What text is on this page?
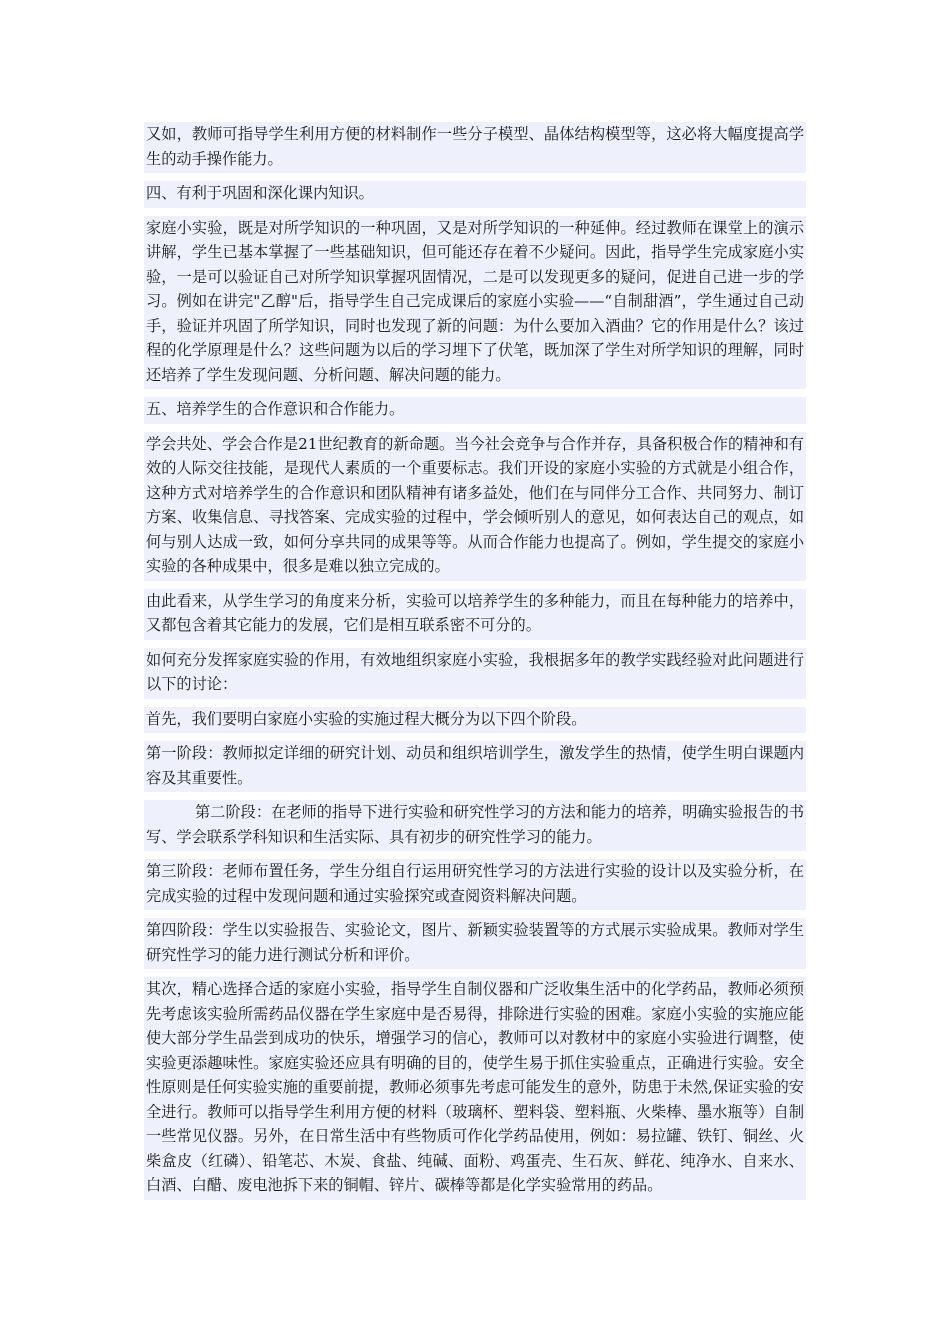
又如，教师可指导学生利用方便的材料制作一些分子模型、晶体结构模型等，这必将大幅度提高学生的动手操作能力。

四、有利于巩固和深化课内知识。

家庭小实验，既是对所学知识的一种巩固，又是对所学知识的一种延伸。经过教师在课堂上的演示讲解，学生已基本掌握了一些基础知识，但可能还存在着不少疑问。因此，指导学生完成家庭小实验，一是可以验证自己对所学知识掌握巩固情况，二是可以发现更多的疑问，促进自己进一步的学习。例如在讲完"乙醇"后，指导学生自己完成课后的家庭小实验——“自制甜酒”，学生通过自己动手，验证并巩固了所学知识，同时也发现了新的问题：为什么要加入酒曲？它的作用是什么？该过程的化学原理是什么？这些问题为以后的学习埋下了伏笔，既加深了学生对所学知识的理解，同时还培养了学生发现问题、分析问题、解决问题的能力。

五、培养学生的合作意识和合作能力。

学会共处、学会合作是21世纪教育的新命题。当今社会竞争与合作并存，具备积极合作的精神和有效的人际交往技能，是现代人素质的一个重要标志。我们开设的家庭小实验的方式就是小组合作，这种方式对培养学生的合作意识和团队精神有诸多益处，他们在与同伴分工合作、共同努力、制订方案、收集信息、寻找答案、完成实验的过程中，学会倾听别人的意见，如何表达自己的观点，如何与别人达成一致，如何分享共同的成果等等。从而合作能力也提高了。例如，学生提交的家庭小实验的各种成果中，很多是难以独立完成的。

由此看来，从学生学习的角度来分析，实验可以培养学生的多种能力，而且在每种能力的培养中，又都包含着其它能力的发展，它们是相互联系密不可分的。

如何充分发挥家庭实验的作用，有效地组织家庭小实验，我根据多年的教学实践经验对此问题进行以下的讨论：

首先，我们要明白家庭小实验的实施过程大概分为以下四个阶段。

第一阶段：教师拟定详细的研究计划、动员和组织培训学生，激发学生的热情，使学生明白课题内容及其重要性。

第二阶段：在老师的指导下进行实验和研究性学习的方法和能力的培养，明确实验报告的书写、学会联系学科知识和生活实际、具有初步的研究性学习的能力。

第三阶段：老师布置任务，学生分组自行运用研究性学习的方法进行实验的设计以及实验分析，在完成实验的过程中发现问题和通过实验探究或查阅资料解决问题。

第四阶段：学生以实验报告、实验论文，图片、新颖实验装置等的方式展示实验成果。教师对学生研究性学习的能力进行测试分析和评价。

其次，精心选择合适的家庭小实验，指导学生自制仪器和广泛收集生活中的化学药品，教师必须预先考虑该实验所需药品仪器在学生家庭中是否易得，排除进行实验的困难。家庭小实验的实施应能使大部分学生品尝到成功的快乐，增强学习的信心，教师可以对教材中的家庭小实验进行调整，使实验更添趣味性。家庭实验还应具有明确的目的，使学生易于抓住实验重点，正确进行实验。安全性原则是任何实验实施的重要前提，教师必须事先考虑可能发生的意外，防患于未然,保证实验的安全进行。教师可以指导学生利用方便的材料（玻璃杯、塑料袋、塑料瓶、火柴棒、墨水瓶等）自制一些常见仪器。另外，在日常生活中有些物质可作化学药品使用，例如：易拉罐、铁钉、铜丝、火柴盒皮（红磷）、铅笔芯、木炭、食盐、纯碱、面粉、鸡蛋壳、生石灰、鲜花、纯净水、自来水、白酒、白醋、废电池拆下来的铜帽、锌片、碳棒等都是化学实验常用的药品。
